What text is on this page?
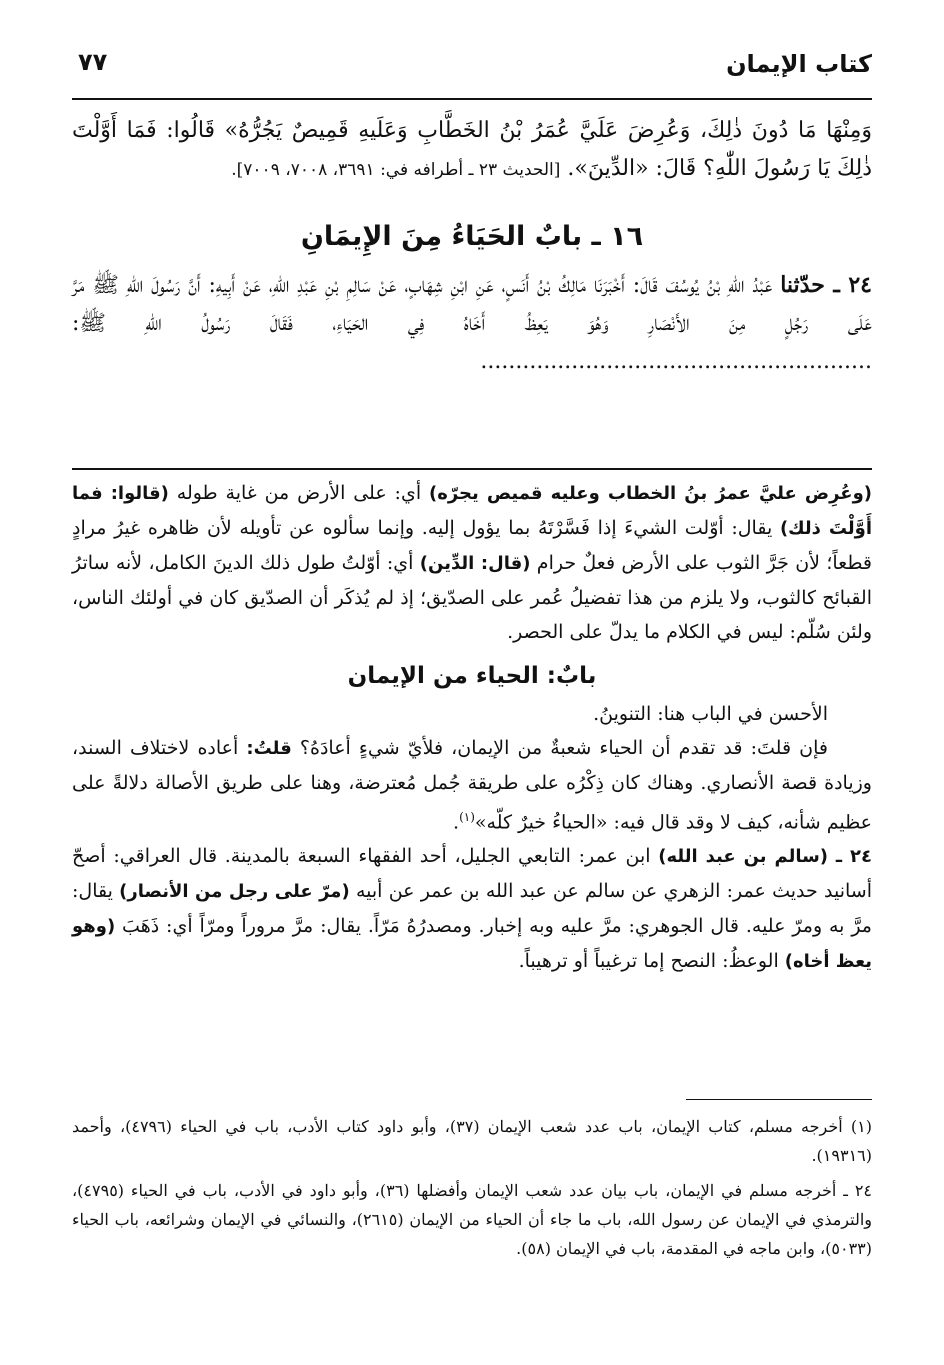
كتاب الإيمان
٧٧

وَمِنْهَا مَا دُونَ ذٰلِكَ، وَعُرِضَ عَلَيَّ عُمَرُ بْنُ الخَطَّابِ وَعَلَيهِ قَمِيصٌ يَجُرُّهُ» قَالُوا: فَمَا أَوَّلْتَ ذٰلِكَ يَا رَسُولَ اللّٰهِ؟ قَالَ: «الدِّينَ». [الحديث ٢٣ ـ أطرافه في: ٣٦٩١، ٧٠٠٨، ٧٠٠٩].

١٦ ـ بابٌ الحَيَاءُ مِنَ الإِيمَانِ

٢٤ ـ حدّثنا عَبْدُ اللّٰهِ بْنُ يُوسُفَ قَالَ: أَخْبَرَنَا مَالِكُ بْنُ أَنَسٍ، عَنِ ابْنِ شِهَابٍ، عَنْ سَالِمِ بْنِ عَبْدِ اللّٰهِ، عَنْ أَبِيهِ: أَنَّ رَسُولَ اللّٰهِ ﷺ مَرَّ عَلَى رَجُلٍ مِنَ الأَنْصَارِ وَهُوَ يَعِظُ أَخَاهُ فِي الحَيَاءِ، فَقَالَ رَسُولُ اللّٰهِ ﷺ: ........................................................

(وعُرِض عليَّ عمرُ بنُ الخطاب وعليه قميص يجرّه) أي: على الأرض من غاية طوله (قالوا: فما أَوَّلْتَ ذلك) يقال: أوّلت الشيءَ إذا فَسَّرْتَهُ بما يؤول إليه. وإنما سألوه عن تأويله لأن ظاهره غيرُ مرادٍ قطعاً؛ لأن جَرَّ الثوب على الأرض فعلٌ حرام (قال: الدِّين) أي: أوّلتُ طول ذلك الدينَ الكامل، لأنه ساترُ القبائح كالثوب، ولا يلزم من هذا تفضيلُ عُمر على الصدّيق؛ إذ لم يُذكَر أن الصدّيق كان في أولئك الناس، ولئن سُلّم: ليس في الكلام ما يدلّ على الحصر.

بابٌ: الحياء من الإيمان

الأحسن في الباب هنا: التنوينُ.

فإن قلتَ: قد تقدم أن الحياء شعبةٌ من الإيمان، فلأيّ شيءٍ أعادَهُ؟ قلتُ: أعاده لاختلاف السند، وزيادة قصة الأنصاري. وهناك كان ذِكْرُه على طريقة جُمل مُعترضة، وهنا على طريق الأصالة دلالةً على عظيم شأنه، كيف لا وقد قال فيه: «الحياءُ خيرٌ كلّه»$^{(١)}$.

٢٤ ـ (سالم بن عبد الله) ابن عمر: التابعي الجليل، أحد الفقهاء السبعة بالمدينة. قال العراقي: أصحّ أسانيد حديث عمر: الزهري عن سالم عن عبد الله بن عمر عن أبيه (مرّ على رجل من الأنصار) يقال: مرَّ به ومرّ عليه. قال الجوهري: مرَّ عليه وبه إخبار. ومصدرُهُ مَرّاً. يقال: مرَّ مروراً ومرّاً أي: ذَهَبَ (وهو يعظ أخاه) الوعظُ: النصح إما ترغيباً أو ترهيباً.

(١) أخرجه مسلم، كتاب الإيمان، باب عدد شعب الإيمان (٣٧)، وأبو داود كتاب الأدب، باب في الحياء (٤٧٩٦)، وأحمد (١٩٣١٦).

٢٤ ـ أخرجه مسلم في الإيمان، باب بيان عدد شعب الإيمان وأفضلها (٣٦)، وأبو داود في الأدب، باب في الحياء (٤٧٩٥)، والترمذي في الإيمان عن رسول الله، باب ما جاء أن الحياء من الإيمان (٢٦١٥)، والنسائي في الإيمان وشرائعه، باب الحياء (٥٠٣٣)، وابن ماجه في المقدمة، باب في الإيمان (٥٨).
